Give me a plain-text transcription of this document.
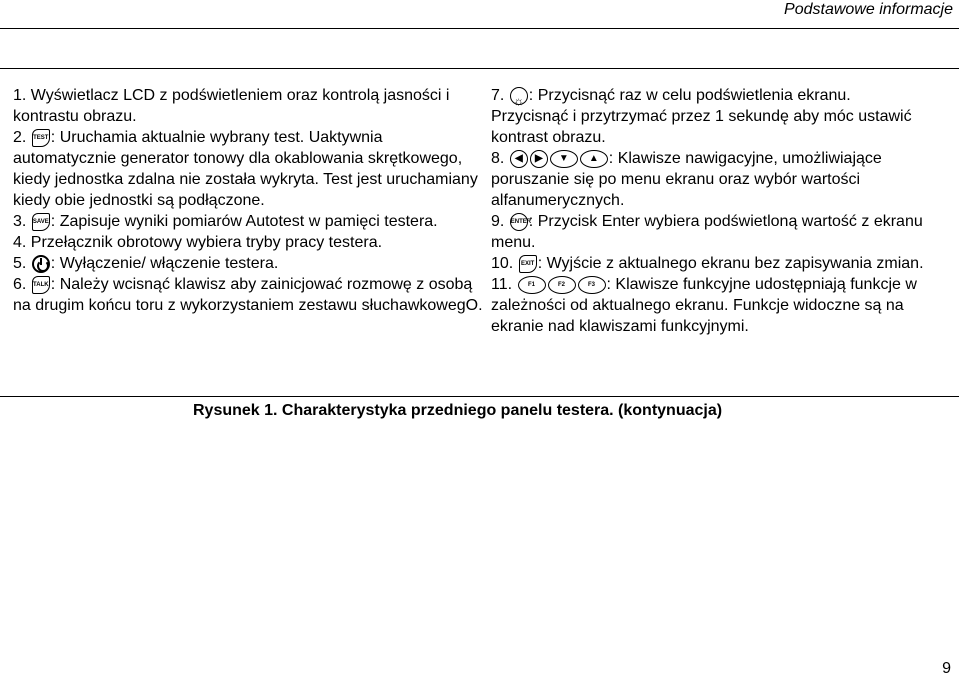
Podstawowe informacje

1. Wyświetlacz LCD z podświetleniem oraz kontrolą jasności i kontrastu obrazu.

2. TEST : Uruchamia aktualnie wybrany test. Uaktywnia automatycznie generator tonowy dla okablowania skrętkowego, kiedy jednostka zdalna nie została wykryta. Test jest uruchamiany kiedy obie jednostki są podłączone.

3. SAVE : Zapisuje wyniki pomiarów Autotest w pamięci testera.

4. Przełącznik obrotowy wybiera tryby pracy testera.

5. : Wyłączenie/ włączenie testera.

6. TALK : Należy wcisnąć klawisz aby zainicjować rozmowę z osobą na drugim końcu toru z wykorzystaniem zestawu słuchawkowegO.

7. ☼ : Przycisnąć raz w celu podświetlenia ekranu. Przycisnąć i przytrzymać przez 1 sekundę aby móc ustawić kontrast obrazu.

8. ◀ ▶ ▼ ▲ : Klawisze nawigacyjne, umożliwiające poruszanie się po menu ekranu oraz wybór wartości alfanumerycznych.

9. ENTER: Przycisk Enter wybiera podświetloną wartość z ekranu menu.

10. EXIT : Wyjście z aktualnego ekranu bez zapisywania zmian.

11. F1	F2	F3 : Klawisze funkcyjne udostępniają funkcje w zależności od aktualnego ekranu. Funkcje widoczne są na ekranie nad klawiszami funkcyjnymi.

Rysunek 1. Charakterystyka przedniego panelu testera. (kontynuacja)
9
